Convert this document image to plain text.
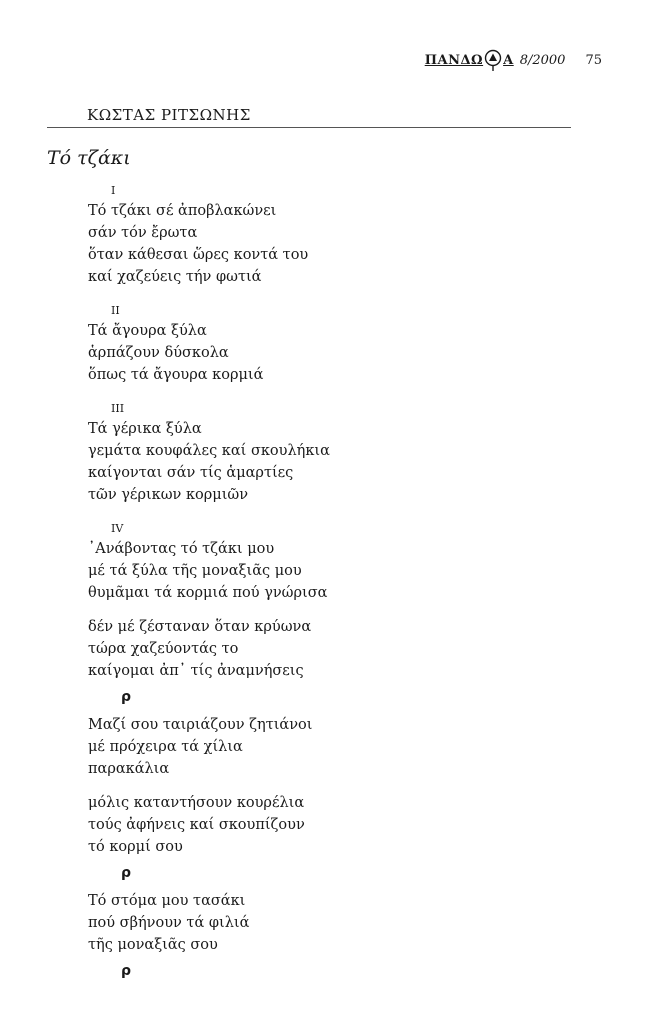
ΠΑΝΔΩ Α 8/2000 75
ΚΩΣΤΑΣ ΡΙΤΣΩΝΗΣ
Τό τζάκι
I
Τό τζάκι σέ ἀποβλακώνει
σάν τόν ἔρωτα
ὅταν κάθεσαι ὥρες κοντά του
καί χαζεύεις τήν φωτιά
II
Τά ἄγουρα ξύλα
ἁρπάζουν δύσκολα
ὅπως τά ἄγουρα κορμιά
III
Τά γέρικα ξύλα
γεμάτα κουφάλες καί σκουλήκια
καίγονται σάν τίς ἁμαρτίες
τῶν γέρικων κορμιῶν
IV
᾽Ανάβοντας τό τζάκι μου
μέ τά ξύλα τῆς μοναξιᾶς μου
θυμᾶμαι τά κορμιά πού γνώρισα
δέν μέ ζέσταναν ὅταν κρύωνα
τώρα χαζεύοντάς το
καίγομαι ἀπ᾽ τίς ἀναμνήσεις
ρ
Μαζί σου ταιριάζουν ζητιάνοι
μέ πρόχειρα τά χίλια
παρακάλια
μόλις καταντήσουν κουρέλια
τούς ἀφήνεις καί σκουπίζουν
τό κορμί σου
ρ
Τό στόμα μου τασάκι
πού σβήνουν τά φιλιά
τῆς μοναξιᾶς σου
ρ
